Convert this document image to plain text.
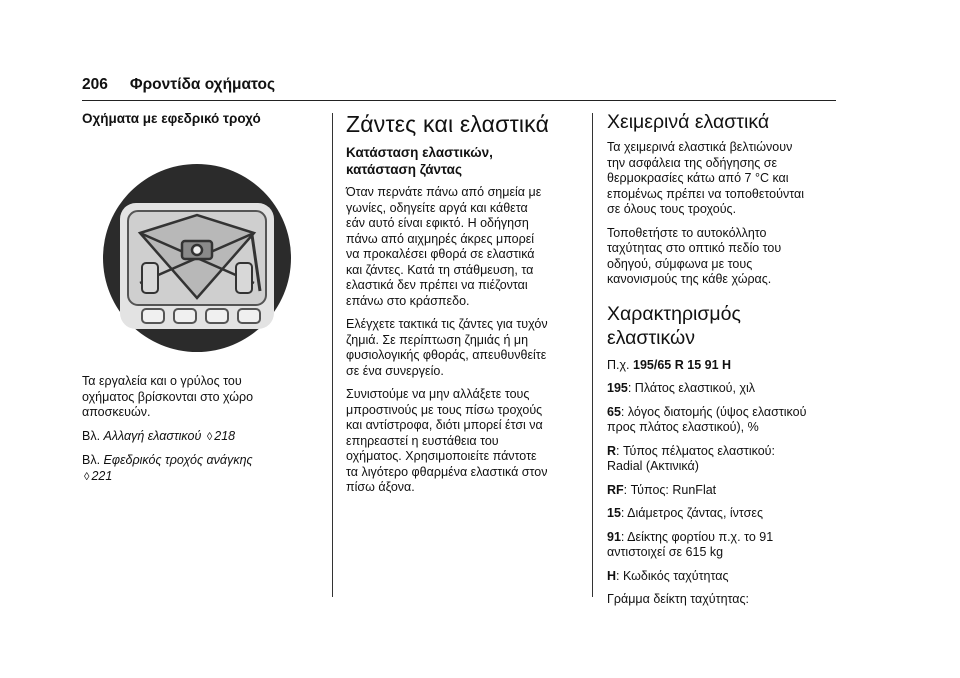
206 Φροντίδα οχήματος
Οχήματα με εφεδρικό τροχό

Τα εργαλεία και ο γρύλος του
οχήματος βρίσκονται στο χώρο
αποσκευών.

Βλ. Αλλαγή ελαστικού ◊ 218

Βλ. Εφεδρικός τροχός ανάγκης
◊ 221

Ζάντες και ελαστικά
Κατάσταση ελαστικών,
κατάσταση ζάντας

Όταν περνάτε πάνω από σημεία με
γωνίες, οδηγείτε αργά και κάθετα
εάν αυτό είναι εφικτό. Η οδήγηση
πάνω από αιχμηρές άκρες μπορεί
να προκαλέσει φθορά σε ελαστικά
και ζάντες. Κατά τη στάθμευση, τα
ελαστικά δεν πρέπει να πιέζονται
επάνω στο κράσπεδο.

Ελέγχετε τακτικά τις ζάντες για τυχόν
ζημιά. Σε περίπτωση ζημιάς ή μη
φυσιολογικής φθοράς, απευθυνθείτε
σε ένα συνεργείο.

Συνιστούμε να μην αλλάξετε τους
μπροστινούς με τους πίσω τροχούς
και αντίστροφα, διότι μπορεί έτσι να
επηρεαστεί η ευστάθεια του
οχήματος. Χρησιμοποιείτε πάντοτε
τα λιγότερο φθαρμένα ελαστικά στον
πίσω άξονα.

Χειμερινά ελαστικά

Τα χειμερινά ελαστικά βελτιώνουν
την ασφάλεια της οδήγησης σε
θερμοκρασίες κάτω από 7 °C και
επομένως πρέπει να τοποθετούνται
σε όλους τους τροχούς.

Τοποθετήστε το αυτοκόλλητο
ταχύτητας στο οπτικό πεδίο του
οδηγού, σύμφωνα με τους
κανονισμούς της κάθε χώρας.

Χαρακτηρισμός
ελαστικών

Π.χ. 195/65 R 15 91 H

195: Πλάτος ελαστικού, χιλ

65: λόγος διατομής (ύψος ελαστικού
προς πλάτος ελαστικού), %

R: Τύπος πέλματος ελαστικού:
Radial (Ακτινικά)

RF: Τύπος: RunFlat

15: Διάμετρος ζάντας, ίντσες

91: Δείκτης φορτίου π.χ. το 91
αντιστοιχεί σε 615 kg

H: Κωδικός ταχύτητας

Γράμμα δείκτη ταχύτητας:
